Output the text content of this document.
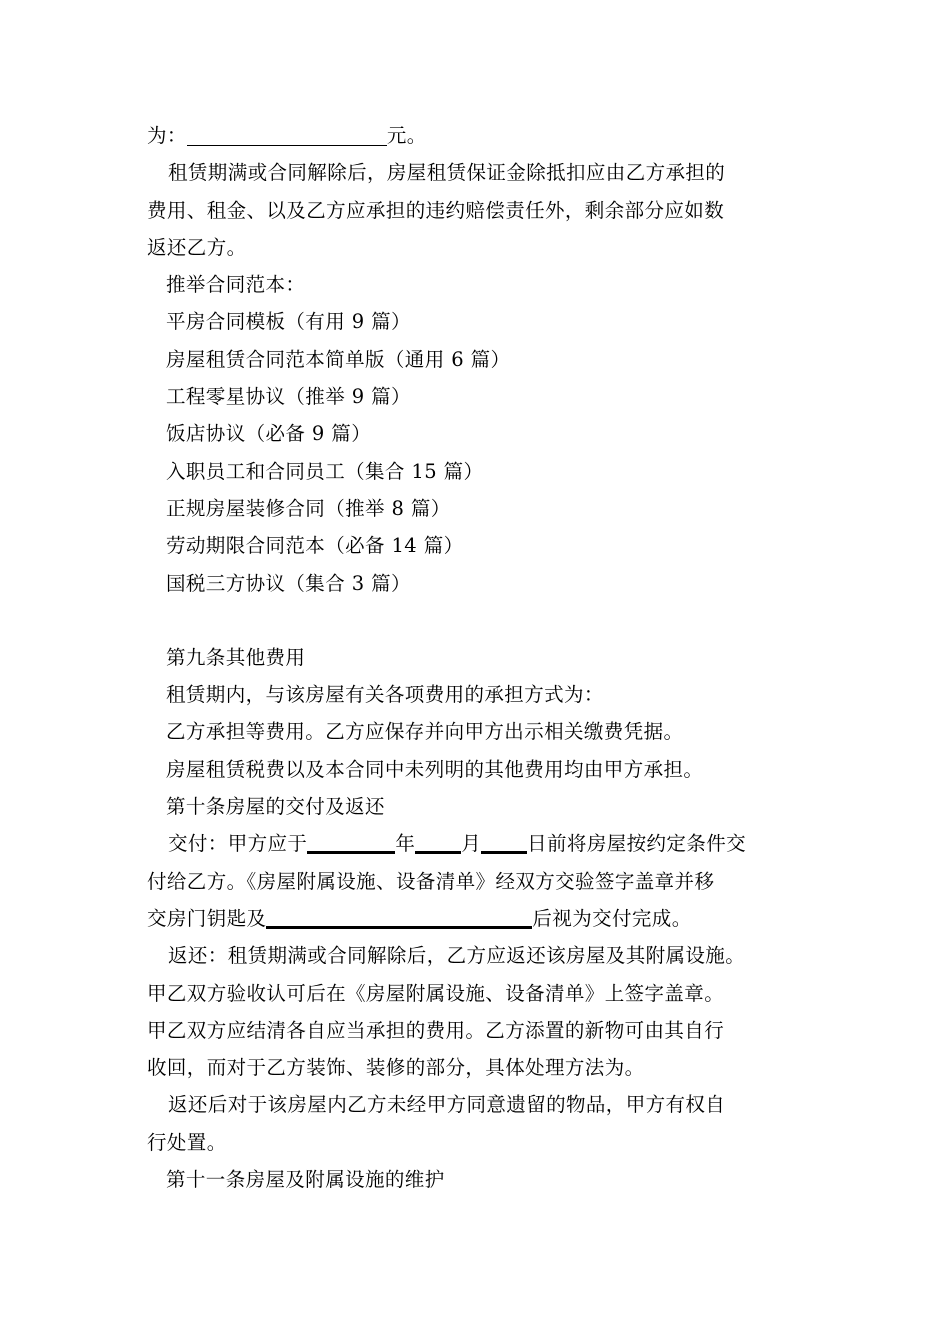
为：	元。

租赁期满或合同解除后，房屋租赁保证金除抵扣应由乙方承担的

费用、租金、以及乙方应承担的违约赔偿责任外，剩余部分应如数

返还乙方。

推举合同范本：

平房合同模板（有用 9 篇）

房屋租赁合同范本简单版（通用 6 篇）

工程零星协议（推举 9 篇）

饭店协议（必备 9 篇）

入职员工和合同员工（集合 15 篇）

正规房屋装修合同（推举 8 篇）

劳动期限合同范本（必备 14 篇）

国税三方协议（集合 3 篇）

第九条其他费用

租赁期内，与该房屋有关各项费用的承担方式为：

乙方承担等费用。乙方应保存并向甲方出示相关缴费凭据。

房屋租赁税费以及本合同中未列明的其他费用均由甲方承担。

第十条房屋的交付及返还

交付：甲方应于	年 月 日前将房屋按约定条件交

付给乙方。《房屋附属设施、设备清单》经双方交验签字盖章并移

交房门钥匙及	后视为交付完成。

返还：租赁期满或合同解除后，乙方应返还该房屋及其附属设施。

甲乙双方验收认可后在《房屋附属设施、设备清单》上签字盖章。

甲乙双方应结清各自应当承担的费用。乙方添置的新物可由其自行

收回，而对于乙方装饰、装修的部分，具体处理方法为。

返还后对于该房屋内乙方未经甲方同意遗留的物品，甲方有权自

行处置。

第十一条房屋及附属设施的维护
